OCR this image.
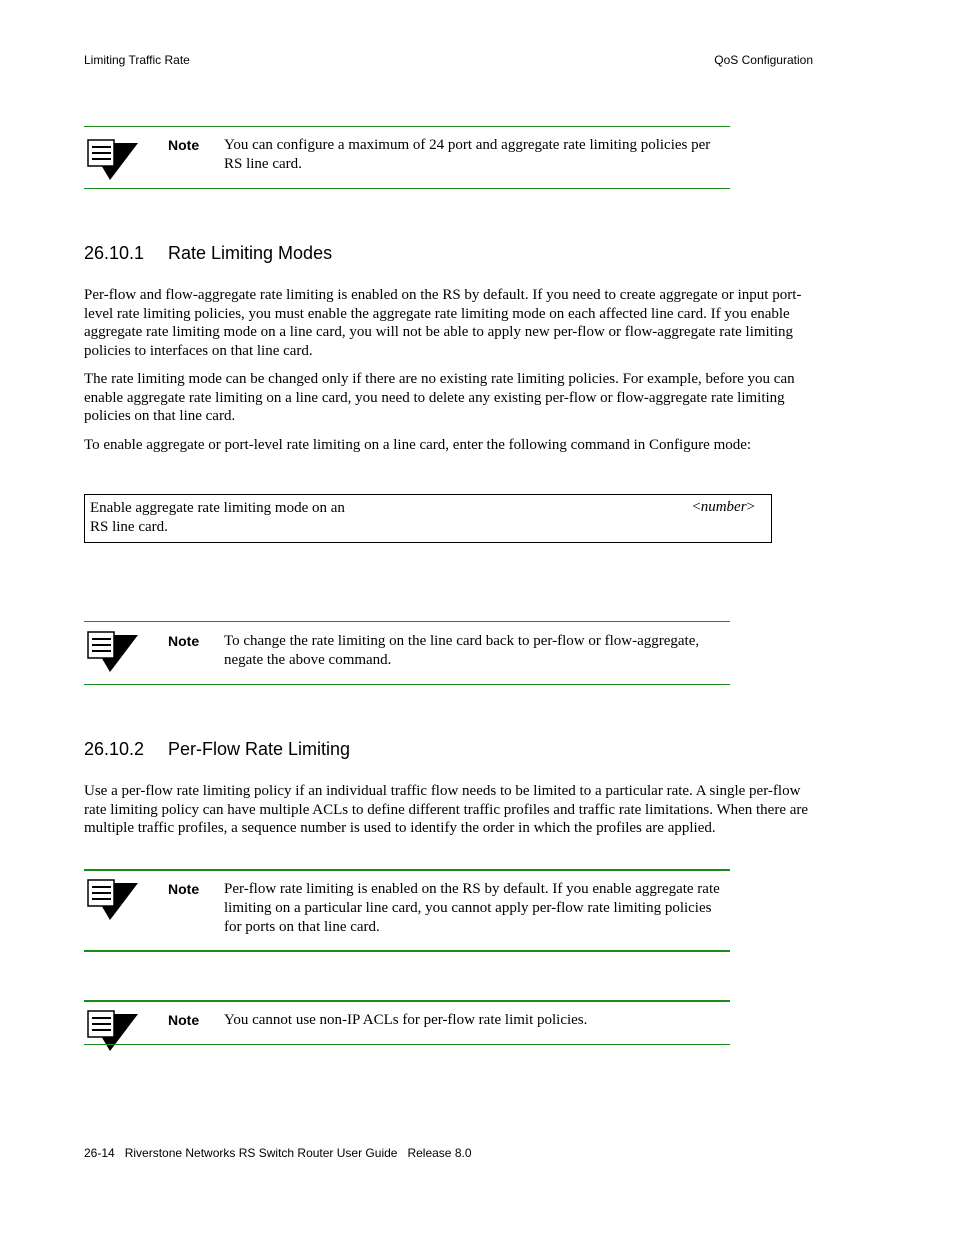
Limiting Traffic Rate	QoS Configuration
Note You can configure a maximum of 24 port and aggregate rate limiting policies per RS line card.
26.10.1 Rate Limiting Modes
Per-flow and flow-aggregate rate limiting is enabled on the RS by default. If you need to create aggregate or input port-level rate limiting policies, you must enable the aggregate rate limiting mode on each affected line card. If you enable aggregate rate limiting mode on a line card, you will not be able to apply new per-flow or flow-aggregate rate limiting policies to interfaces on that line card.
The rate limiting mode can be changed only if there are no existing rate limiting policies. For example, before you can enable aggregate rate limiting on a line card, you need to delete any existing per-flow or flow-aggregate rate limiting policies on that line card.
To enable aggregate or port-level rate limiting on a line card, enter the following command in Configure mode:
Enable aggregate rate limiting mode on an RS line card.
<number>
Note To change the rate limiting on the line card back to per-flow or flow-aggregate, negate the above command.
26.10.2 Per-Flow Rate Limiting
Use a per-flow rate limiting policy if an individual traffic flow needs to be limited to a particular rate. A single per-flow rate limiting policy can have multiple ACLs to define different traffic profiles and traffic rate limitations. When there are multiple traffic profiles, a sequence number is used to identify the order in which the profiles are applied.
Note Per-flow rate limiting is enabled on the RS by default. If you enable aggregate rate limiting on a particular line card, you cannot apply per-flow rate limiting policies for ports on that line card.
Note You cannot use non-IP ACLs for per-flow rate limit policies.
26-14   Riverstone Networks RS Switch Router User Guide   Release 8.0
